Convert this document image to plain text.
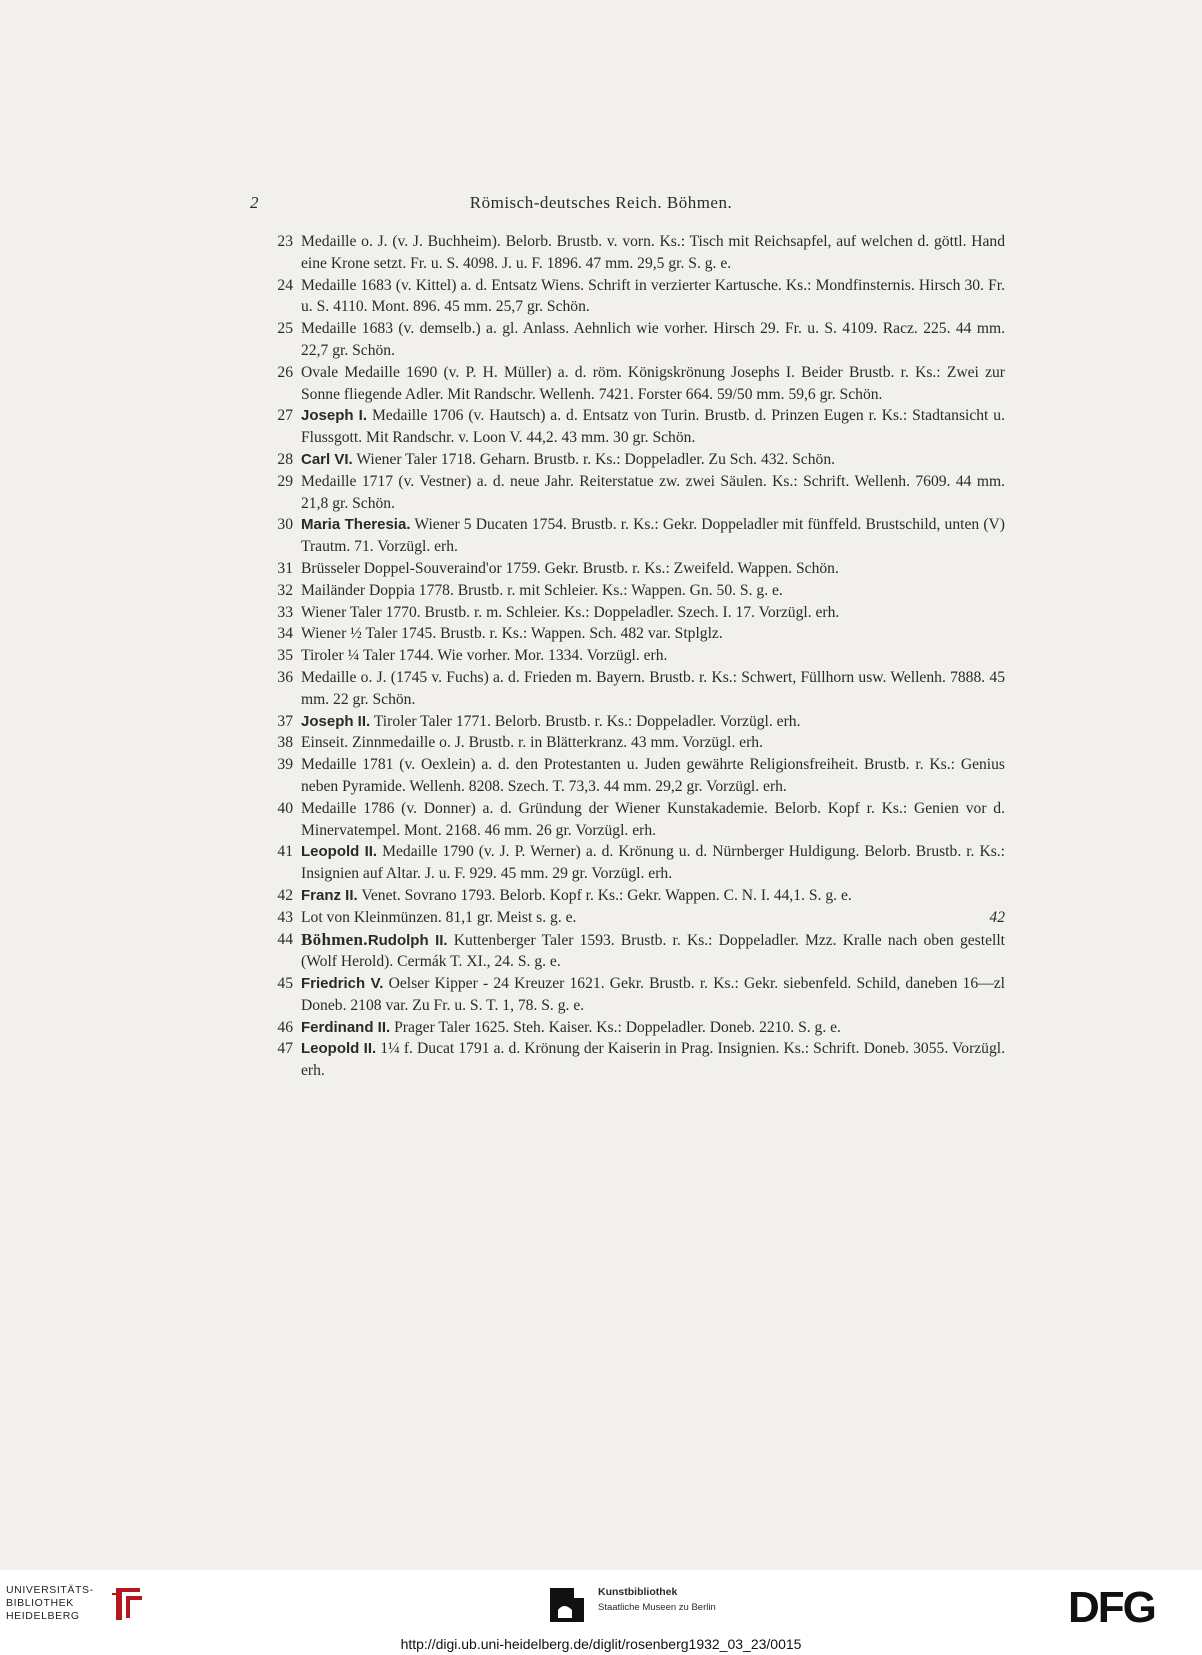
2	Römisch-deutsches Reich. Böhmen.
23 Medaille o. J. (v. J. Buchheim). Belorb. Brustb. v. vorn. Ks.: Tisch mit Reichsapfel, auf welchen d. göttl. Hand eine Krone setzt. Fr. u. S. 4098. J. u. F. 1896. 47 mm. 29,5 gr. S. g. e.
24 Medaille 1683 (v. Kittel) a. d. Entsatz Wiens. Schrift in verzierter Kartusche. Ks.: Mondfinsternis. Hirsch 30. Fr. u. S. 4110. Mont. 896. 45 mm. 25,7 gr. Schön.
25 Medaille 1683 (v. demselb.) a. gl. Anlass. Aehnlich wie vorher. Hirsch 29. Fr. u. S. 4109. Racz. 225. 44 mm. 22,7 gr. Schön.
26 Ovale Medaille 1690 (v. P. H. Müller) a. d. röm. Königskrönung Josephs I. Beider Brustb. r. Ks.: Zwei zur Sonne fliegende Adler. Mit Randschr. Wellenh. 7421. Forster 664. 59/50 mm. 59,6 gr. Schön.
27 Joseph I. Medaille 1706 (v. Hautsch) a. d. Entsatz von Turin. Brustb. d. Prinzen Eugen r. Ks.: Stadtansicht u. Flussgott. Mit Randschr. v. Loon V. 44,2. 43 mm. 30 gr. Schön.
28 Carl VI. Wiener Taler 1718. Geharn. Brustb. r. Ks.: Doppeladler. Zu Sch. 432. Schön.
29 Medaille 1717 (v. Vestner) a. d. neue Jahr. Reiterstatue zw. zwei Säulen. Ks.: Schrift. Wellenh. 7609. 44 mm. 21,8 gr. Schön.
30 Maria Theresia. Wiener 5 Ducaten 1754. Brustb. r. Ks.: Gekr. Doppeladler mit fünffeld. Brustschild, unten (V) Trautm. 71. Vorzügl. erh.
31 Brüsseler Doppel-Souveraind'or 1759. Gekr. Brustb. r. Ks.: Zweifeld. Wappen. Schön.
32 Mailänder Doppia 1778. Brustb. r. mit Schleier. Ks.: Wappen. Gn. 50. S. g. e.
33 Wiener Taler 1770. Brustb. r. m. Schleier. Ks.: Doppeladler. Szech. I. 17. Vorzügl. erh.
34 Wiener ½ Taler 1745. Brustb. r. Ks.: Wappen. Sch. 482 var. Stplglz.
35 Tiroler ¼ Taler 1744. Wie vorher. Mor. 1334. Vorzügl. erh.
36 Medaille o. J. (1745 v. Fuchs) a. d. Frieden m. Bayern. Brustb. r. Ks.: Schwert, Füllhorn usw. Wellenh. 7888. 45 mm. 22 gr. Schön.
37 Joseph II. Tiroler Taler 1771. Belorb. Brustb. r. Ks.: Doppeladler. Vorzügl. erh.
38 Einseit. Zinnmedaille o. J. Brustb. r. in Blätterkranz. 43 mm. Vorzügl. erh.
39 Medaille 1781 (v. Oexlein) a. d. den Protestanten u. Juden gewährte Religionsfreiheit. Brustb. r. Ks.: Genius neben Pyramide. Wellenh. 8208. Szech. T. 73,3. 44 mm. 29,2 gr. Vorzügl. erh.
40 Medaille 1786 (v. Donner) a. d. Gründung der Wiener Kunstakademie. Belorb. Kopf r. Ks.: Genien vor d. Minervatempel. Mont. 2168. 46 mm. 26 gr. Vorzügl. erh.
41 Leopold II. Medaille 1790 (v. J. P. Werner) a. d. Krönung u. d. Nürnberger Huldigung. Belorb. Brustb. r. Ks.: Insignien auf Altar. J. u. F. 929. 45 mm. 29 gr. Vorzügl. erh.
42 Franz II. Venet. Sovrano 1793. Belorb. Kopf r. Ks.: Gekr. Wappen. C. N. I. 44,1. S. g. e.
43	42
Lot von Kleinmünzen. 81,1 gr. Meist s. g. e.
44 Böhmen.Rudolph II. Kuttenberger Taler 1593. Brustb. r. Ks.: Doppeladler. Mzz. Kralle nach oben gestellt (Wolf Herold). Cermák T. XI., 24. S. g. e.
45 Friedrich V. Oelser Kipper - 24 Kreuzer 1621. Gekr. Brustb. r. Ks.: Gekr. siebenfeld. Schild, daneben 16—zl Doneb. 2108 var. Zu Fr. u. S. T. 1, 78. S. g. e.
46 Ferdinand II. Prager Taler 1625. Steh. Kaiser. Ks.: Doppeladler. Doneb. 2210. S. g. e.
47 Leopold II. 1¼ f. Ducat 1791 a. d. Krönung der Kaiserin in Prag. Insignien. Ks.: Schrift. Doneb. 3055. Vorzügl. erh.
UNIVERSITÄTS-
BIBLIOTHEK
HEIDELBERG
Kunstbibliothek
Staatliche Museen zu Berlin	DFG
http://digi.ub.uni-heidelberg.de/diglit/rosenberg1932_03_23/0015
